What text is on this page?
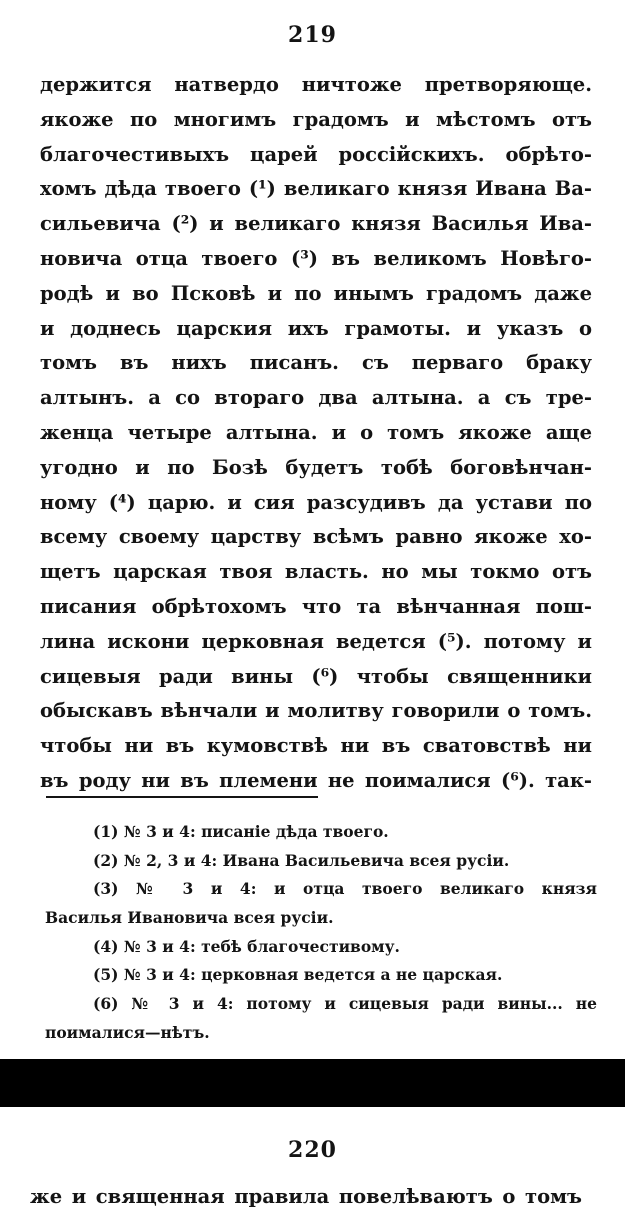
219
держится натвердо ничтоже претворяюще.
якоже по многимъ градомъ и мѣстомъ отъ
благочестивыхъ царей россійскихъ. обрѣто-
хомъ дѣда твоего (¹) великаго князя Ивана Ва-
сильевича (²) и великаго князя Василья Ива-
новича отца твоего (³) въ великомъ Новѣго-
родѣ и во Псковѣ и по инымъ градомъ даже
и доднесь царския ихъ грамоты. и указъ о
томъ въ нихъ писанъ. съ перваго браку
алтынъ. а со втораго два алтына. а съ тре-
женца четыре алтына. и о томъ якоже аще
угодно и по Бозѣ будетъ тобѣ боговѣнчан-
ному (⁴) царю. и сия разсудивъ да устави по
всему своему царству всѣмъ равно якоже хо-
щетъ царская твоя власть. но мы токмо отъ
писания обрѣтохомъ что та вѣнчанная пош-
лина искони церковная ведется (⁵). потому и
сицевыя ради вины (⁶) чтобы священники
обыскавъ вѣнчали и молитву говорили о томъ.
чтобы ни въ кумовствѣ ни въ сватовствѣ ни
въ роду ни въ племени не поималися (⁶). так-
(1) № 3 и 4: писаніе дѣда твоего.
(2) № 2, 3 и 4: Ивана Васильевича всея русіи.
(3) № 3 и 4: и отца твоего великаго князя
Василья Ивановича всея русіи.
(4) № 3 и 4: тебѣ благочестивому.
(5) № 3 и 4: церковная ведется а не царская.
(6) № 3 и 4: потому и сицевыя ради вины... не
поималися—нѣтъ.
220
же и священная правила повелѣваютъ о томъ
